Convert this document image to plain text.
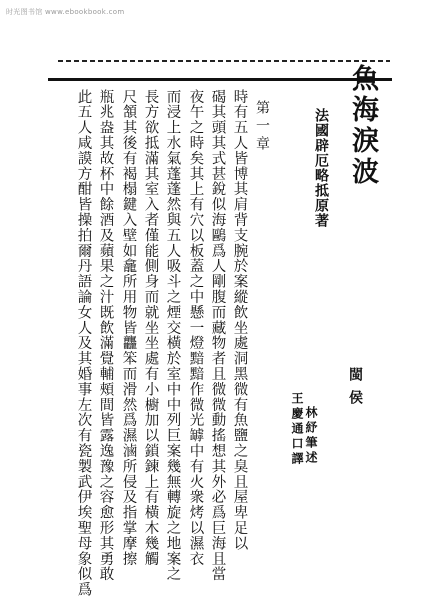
时光图书馆 www.ebookbook.com
魚海淚波
法國辟厄略抵原著
閩侯
林紓筆述
王慶通口譯
第一章
時有五人皆博其肩背支腕於案縱飲坐處洞黑微有魚鹽之臭且屋卑足以
碣其頭其式甚銳似海鷗爲人剛腹而藏物者且微微動搖想其外必爲巨海且當
夜午之時矣其上有穴以板蓋之中懸一燈黯黯作微光罅中有火衆烤以濕衣
而浸上水氣蓬蓬然與五人吸斗之煙交橫於室中中列巨案幾無轉旋之地案之
長方欲抵滿其室入者僅能側身而就坐坐處有小櫥加以鎖鍊上有橫木幾觸
尺頷其後有褐榻鍵入壁如龕所用物皆龘笨而滑然爲濕滷所侵及指掌摩擦
瓶兆盎其故杯中餘酒及蘋果之汁既飲滿覺輔頰間皆露逸豫之容愈形其勇敢
此五人咸謨方酣皆操拍爾丹語論女人及其婚事左次有瓷製武伊埃聖母象似爲
